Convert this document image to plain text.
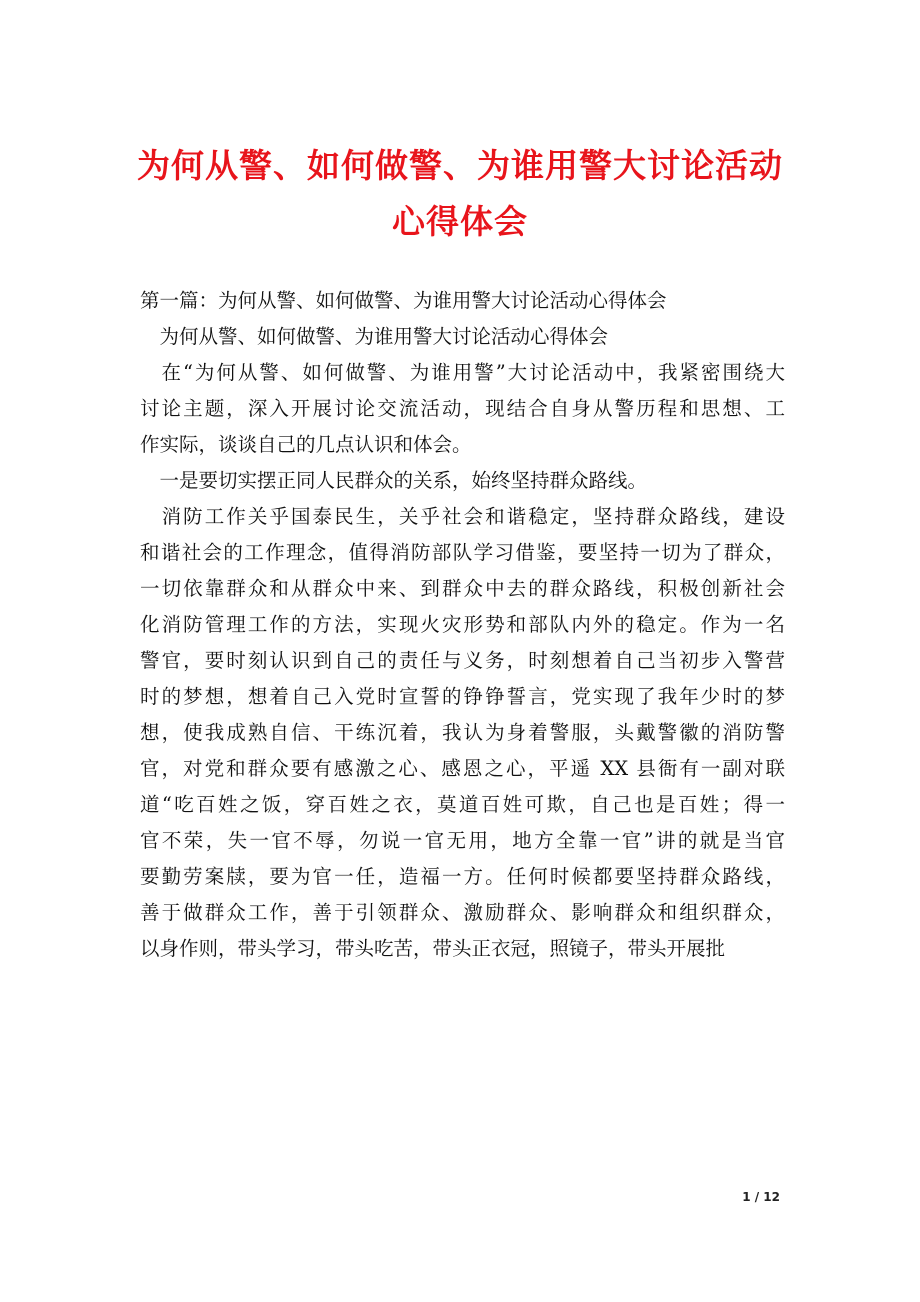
为何从警、如何做警、为谁用警大讨论活动
心得体会
第一篇：为何从警、如何做警、为谁用警大讨论活动心得体会
　为何从警、如何做警、为谁用警大讨论活动心得体会
　在“为何从警、如何做警、为谁用警”大讨论活动中，我紧密围绕大
讨论主题，深入开展讨论交流活动，现结合自身从警历程和思想、工
作实际，谈谈自己的几点认识和体会。
　一是要切实摆正同人民群众的关系，始终坚持群众路线。
　消防工作关乎国泰民生，关乎社会和谐稳定，坚持群众路线，建设
和谐社会的工作理念，值得消防部队学习借鉴，要坚持一切为了群众，
一切依靠群众和从群众中来、到群众中去的群众路线，积极创新社会
化消防管理工作的方法，实现火灾形势和部队内外的稳定。作为一名
警官，要时刻认识到自己的责任与义务，时刻想着自己当初步入警营
时的梦想，想着自己入党时宣誓的铮铮誓言，党实现了我年少时的梦
想，使我成熟自信、干练沉着，我认为身着警服，头戴警徽的消防警
官，对党和群众要有感激之心、感恩之心，平遥 XX 县衙有一副对联
道“吃百姓之饭，穿百姓之衣，莫道百姓可欺，自己也是百姓；得一
官不荣，失一官不辱，勿说一官无用，地方全靠一官”讲的就是当官
要勤劳案牍，要为官一任，造福一方。任何时候都要坚持群众路线，
善于做群众工作，善于引领群众、激励群众、影响群众和组织群众，
以身作则，带头学习，带头吃苦，带头正衣冠，照镜子，带头开展批
1 / 12
